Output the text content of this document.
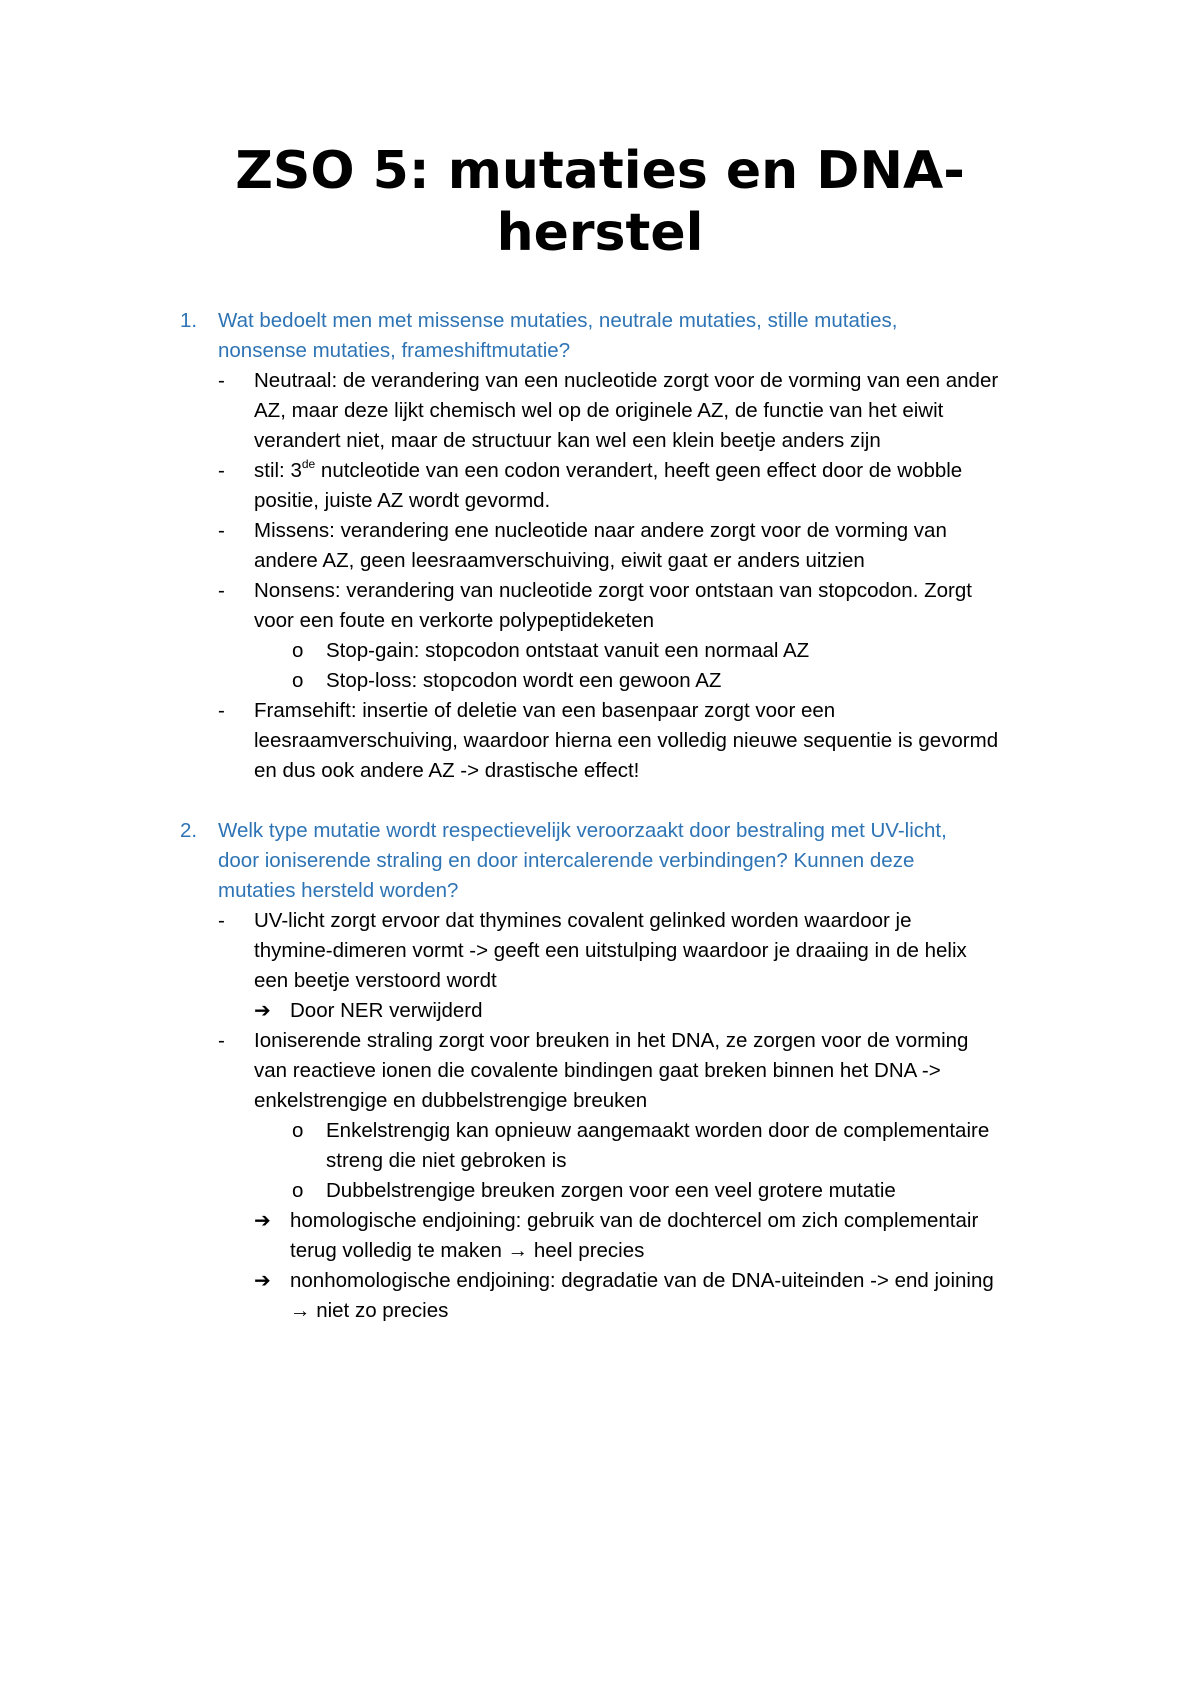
ZSO 5: mutaties en DNA-
herstel
1. Wat bedoelt men met missense mutaties, neutrale mutaties, stille mutaties,
nonsense mutaties, frameshiftmutatie?
- Neutraal: de verandering van een nucleotide zorgt voor de vorming van een ander
AZ, maar deze lijkt chemisch wel op de originele AZ, de functie van het eiwit
verandert niet, maar de structuur kan wel een klein beetje anders zijn
- stil: 3de nutcleotide van een codon verandert, heeft geen effect door de wobble
positie, juiste AZ wordt gevormd.
- Missens: verandering ene nucleotide naar andere zorgt voor de vorming van
andere AZ, geen leesraamverschuiving, eiwit gaat er anders uitzien
- Nonsens: verandering van nucleotide zorgt voor ontstaan van stopcodon. Zorgt
voor een foute en verkorte polypeptideketen
o Stop-gain: stopcodon ontstaat vanuit een normaal AZ
o Stop-loss: stopcodon wordt een gewoon AZ
- Framsehift: insertie of deletie van een basenpaar zorgt voor een
leesraamverschuiving, waardoor hierna een volledig nieuwe sequentie is gevormd
en dus ook andere AZ -> drastische effect!
2. Welk type mutatie wordt respectievelijk veroorzaakt door bestraling met UV-licht,
door ioniserende straling en door intercalerende verbindingen? Kunnen deze
mutaties hersteld worden?
- UV-licht zorgt ervoor dat thymines covalent gelinked worden waardoor je
thymine-dimeren vormt -> geeft een uitstulping waardoor je draaiing in de helix
een beetje verstoord wordt
➔ Door NER verwijderd
- Ioniserende straling zorgt voor breuken in het DNA, ze zorgen voor de vorming
van reactieve ionen die covalente bindingen gaat breken binnen het DNA ->
enkelstrengige en dubbelstrengige breuken
o Enkelstrengig kan opnieuw aangemaakt worden door de complementaire
streng die niet gebroken is
o Dubbelstrengige breuken zorgen voor een veel grotere mutatie
➔ homologische endjoining: gebruik van de dochtercel om zich complementair
terug volledig te maken → heel precies
➔ nonhomologische endjoining: degradatie van de DNA-uiteinden -> end joining
→ niet zo precies
